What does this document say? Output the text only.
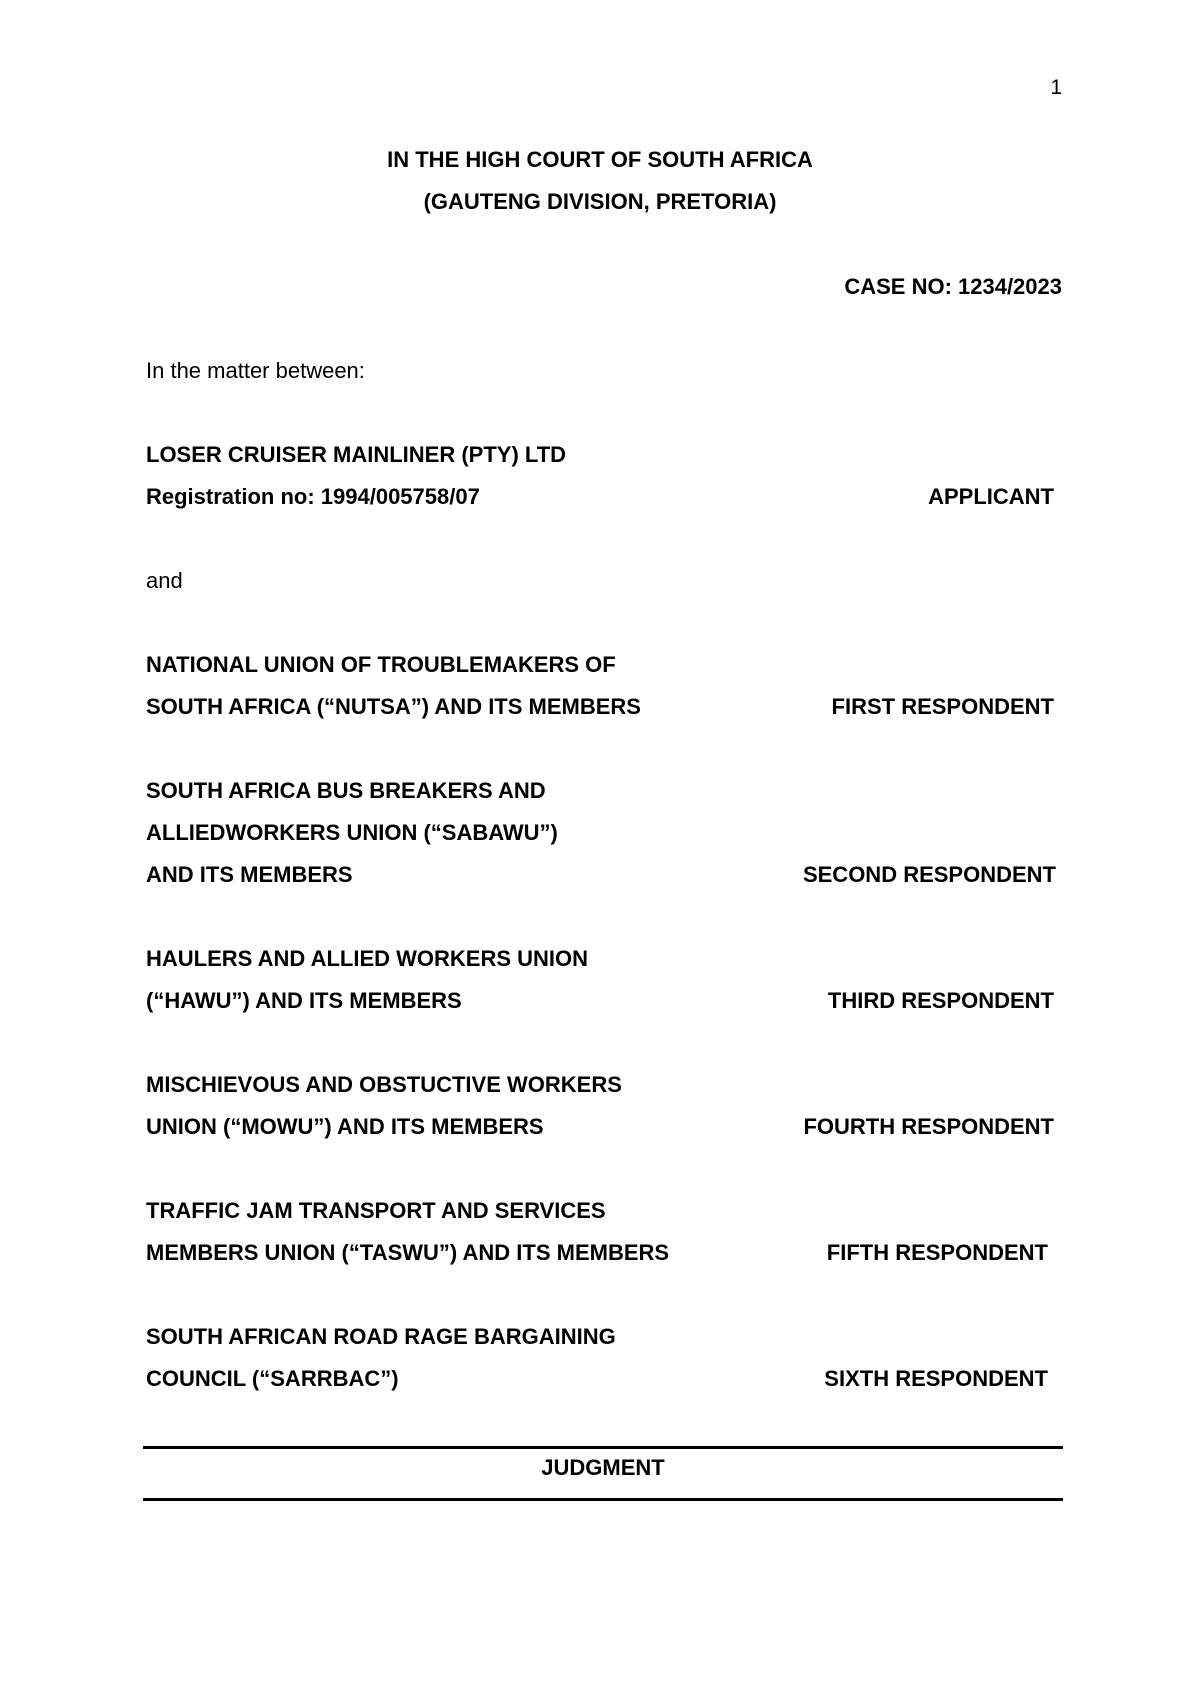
1
IN THE HIGH COURT OF SOUTH AFRICA
(GAUTENG DIVISION, PRETORIA)
CASE NO: 1234/2023
In the matter between:
LOSER CRUISER MAINLINER (PTY) LTD
Registration no: 1994/005758/07	APPLICANT
and
NATIONAL UNION OF TROUBLEMAKERS OF
SOUTH AFRICA (“NUTSA”) AND ITS MEMBERS	FIRST RESPONDENT
SOUTH AFRICA BUS BREAKERS AND
ALLIEDWORKERS UNION (“SABAWU”)
AND ITS MEMBERS	SECOND RESPONDENT
HAULERS AND ALLIED WORKERS UNION
(“HAWU”) AND ITS MEMBERS	THIRD RESPONDENT
MISCHIEVOUS AND OBSTUCTIVE WORKERS
UNION (“MOWU”) AND ITS MEMBERS	FOURTH RESPONDENT
TRAFFIC JAM TRANSPORT AND SERVICES
MEMBERS UNION (“TASWU”) AND ITS MEMBERS	FIFTH RESPONDENT
SOUTH AFRICAN ROAD RAGE BARGAINING
COUNCIL (“SARRBAC”)	SIXTH RESPONDENT
JUDGMENT
